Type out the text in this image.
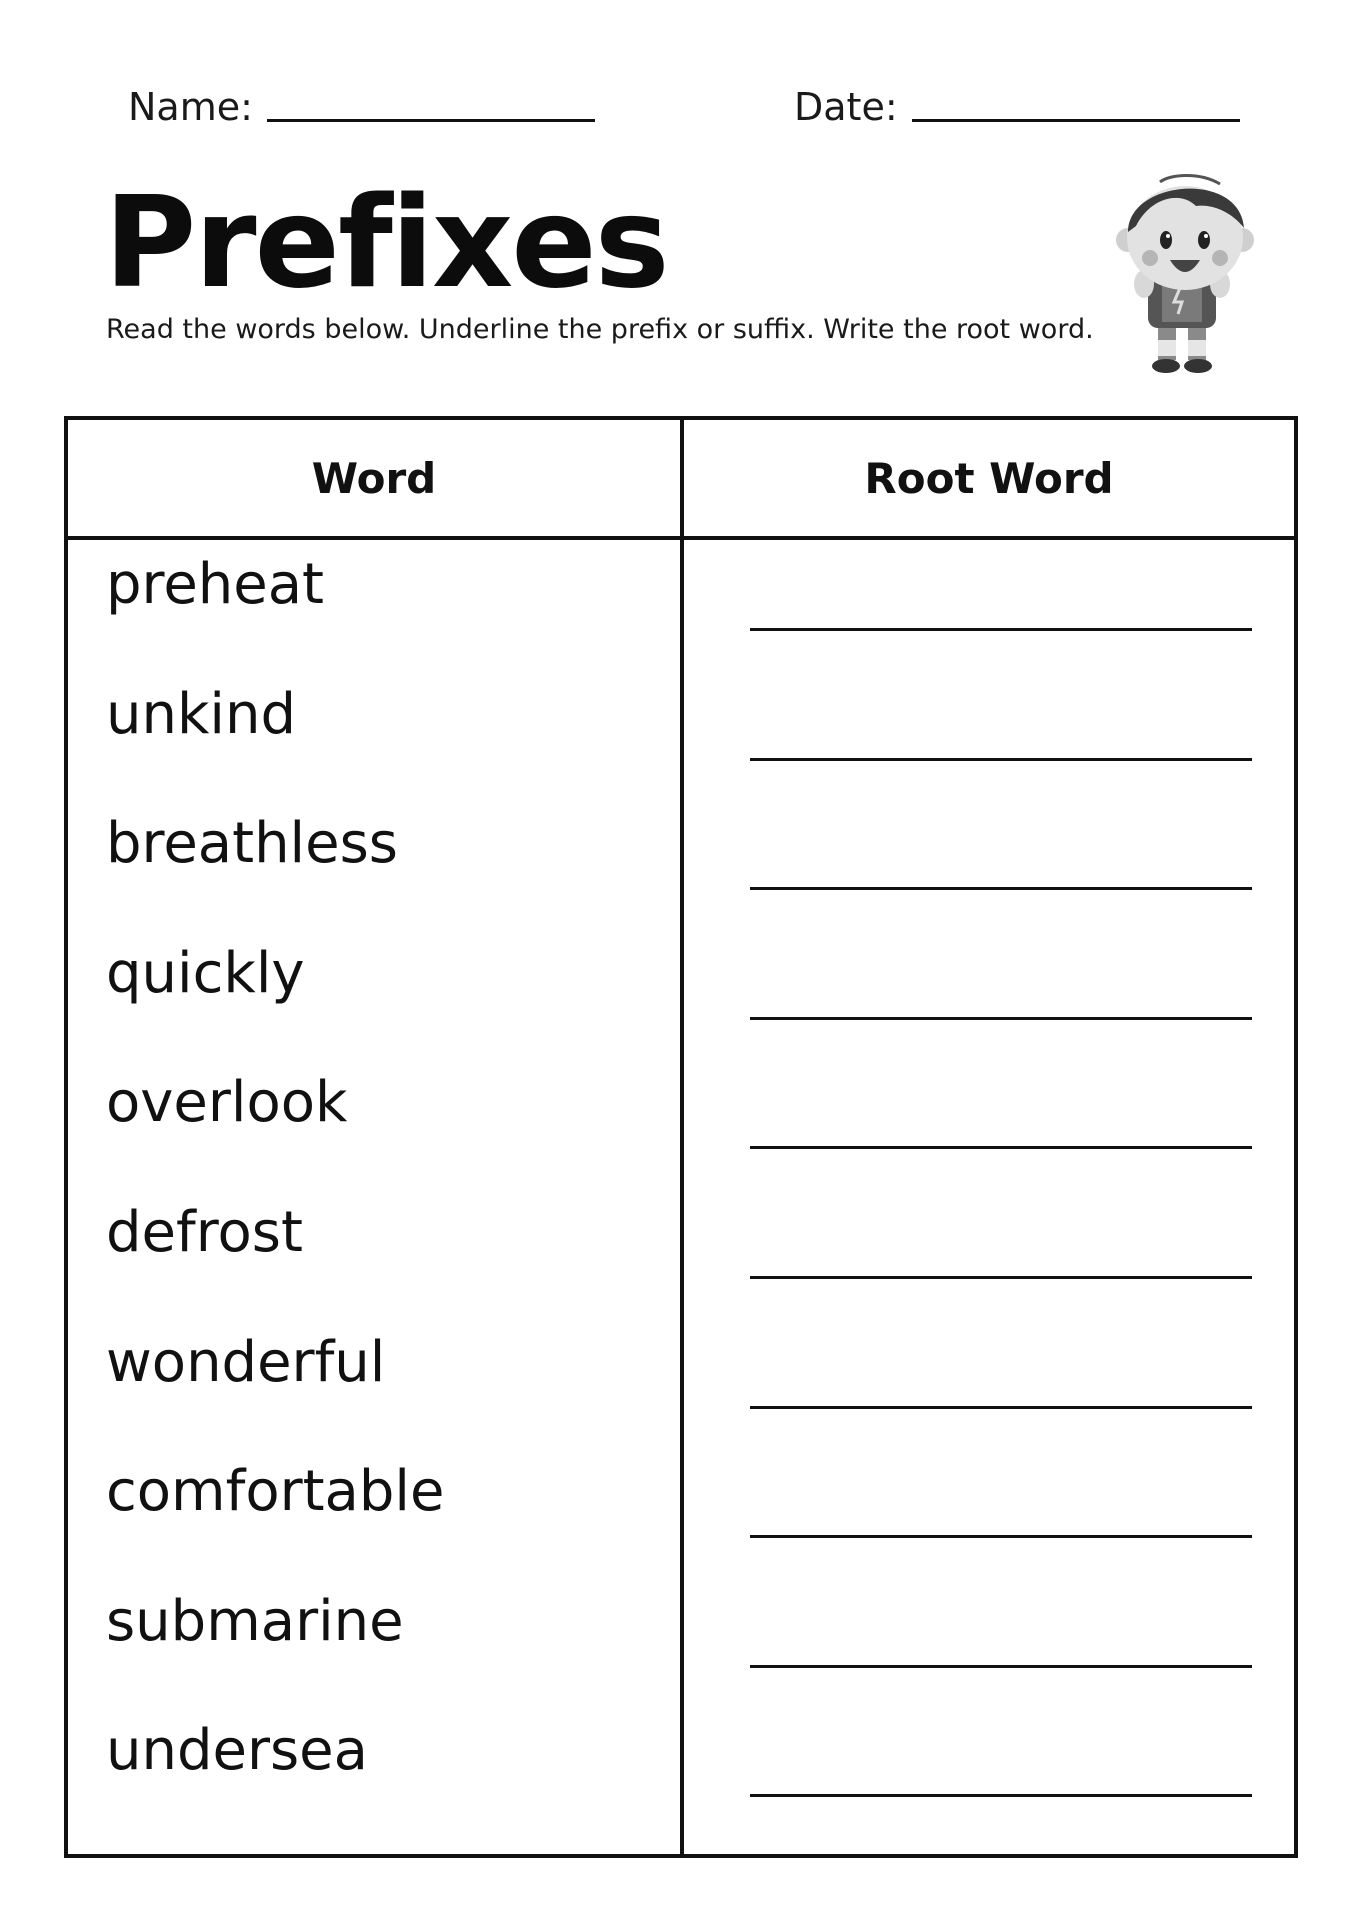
Name:	Date:
Prefixes
Read the words below. Underline the prefix or suffix. Write the root word.
Word	Root Word
preheat
unkind
breathless
quickly
overlook
defrost
wonderful
comfortable
submarine
undersea
